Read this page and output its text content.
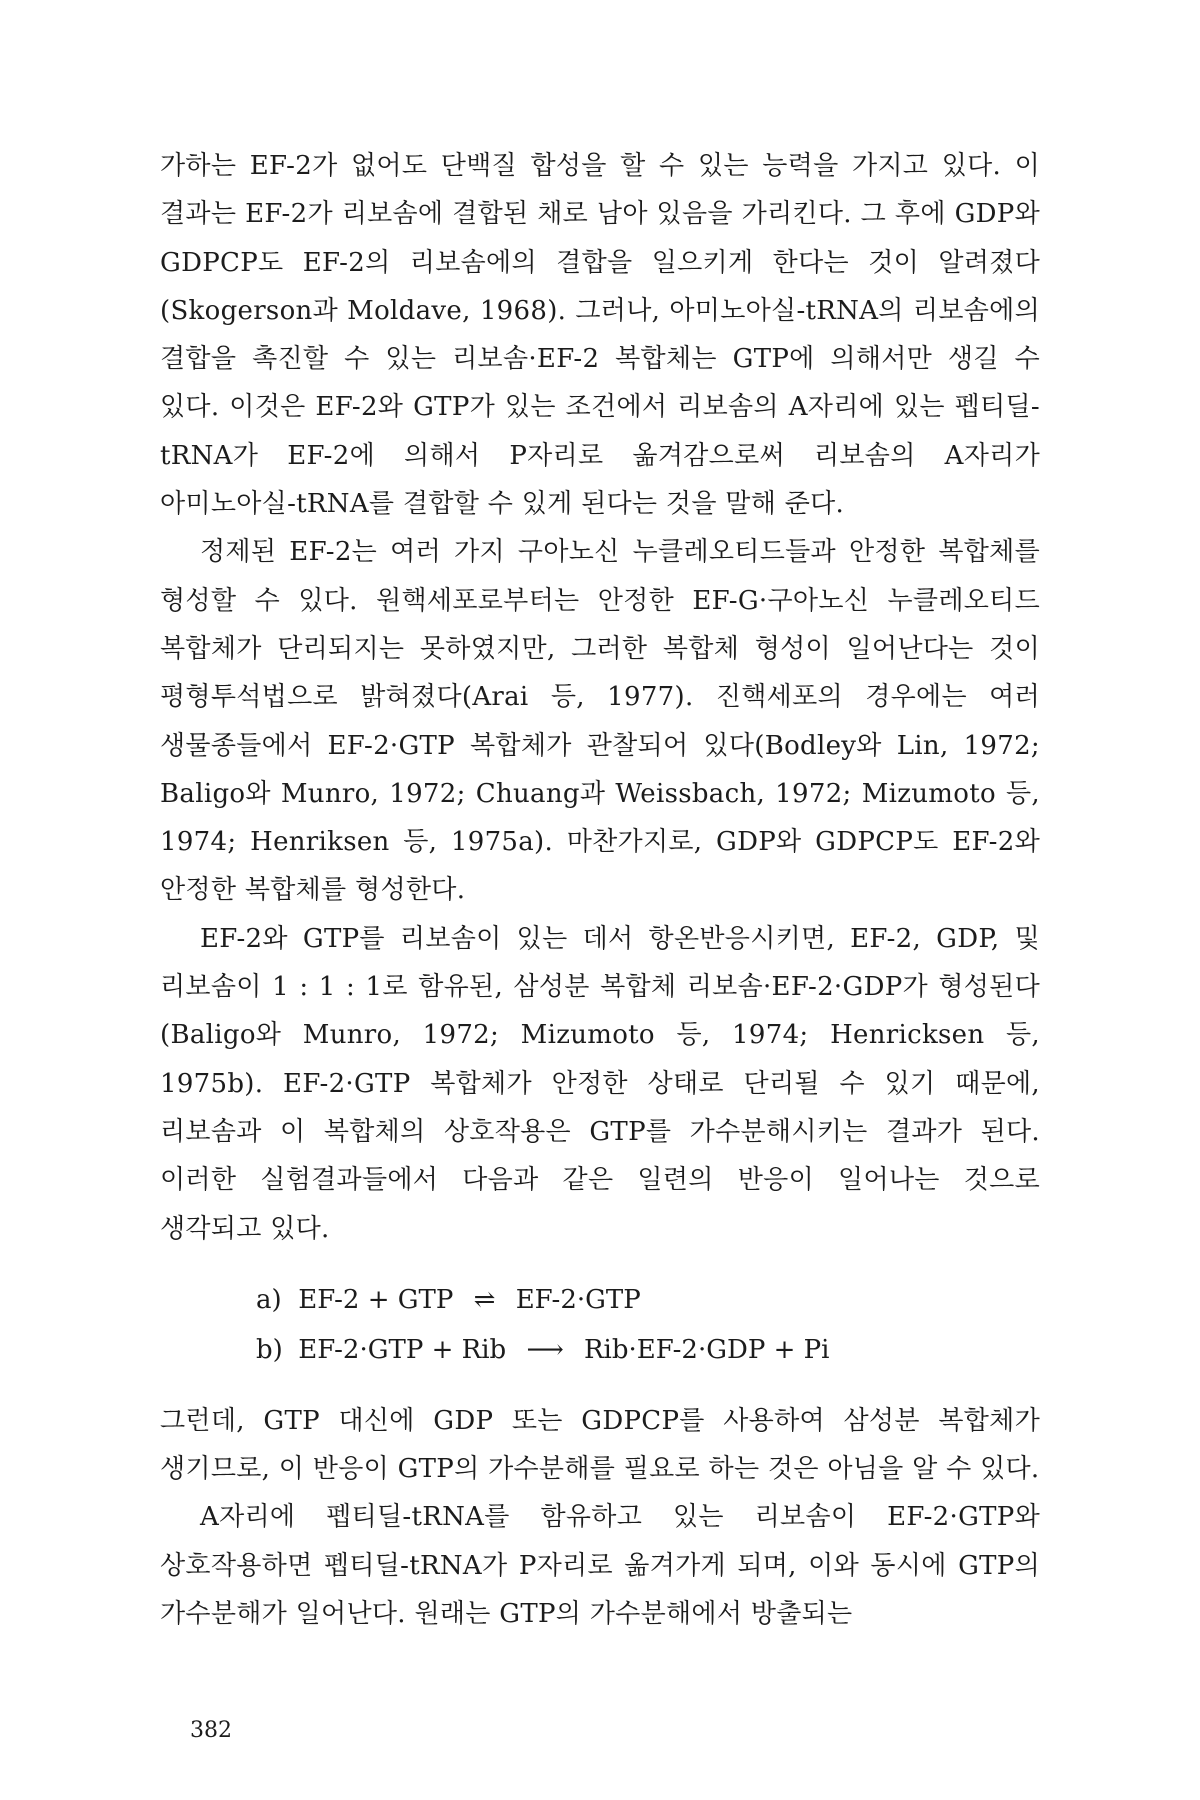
가하는 EF-2가 없어도 단백질 합성을 할 수 있는 능력을 가지고 있다. 이 결과는 EF-2가 리보솜에 결합된 채로 남아 있음을 가리킨다. 그 후에 GDP와 GDPCP도 EF-2의 리보솜에의 결합을 일으키게 한다는 것이 알려졌다(Skogerson과 Moldave, 1968). 그러나, 아미노아실-tRNA의 리보솜에의 결합을 촉진할 수 있는 리보솜·EF-2 복합체는 GTP에 의해서만 생길 수 있다. 이것은 EF-2와 GTP가 있는 조건에서 리보솜의 A자리에 있는 펩티딜-tRNA가 EF-2에 의해서 P자리로 옮겨감으로써 리보솜의 A자리가 아미노아실-tRNA를 결합할 수 있게 된다는 것을 말해 준다.

정제된 EF-2는 여러 가지 구아노신 누클레오티드들과 안정한 복합체를 형성할 수 있다. 원핵세포로부터는 안정한 EF-G·구아노신 누클레오티드 복합체가 단리되지는 못하였지만, 그러한 복합체 형성이 일어난다는 것이 평형투석법으로 밝혀졌다(Arai 등, 1977). 진핵세포의 경우에는 여러 생물종들에서 EF-2·GTP 복합체가 관찰되어 있다(Bodley와 Lin, 1972; Baligo와 Munro, 1972; Chuang과 Weissbach, 1972; Mizumoto 등, 1974; Henriksen 등, 1975a). 마찬가지로, GDP와 GDPCP도 EF-2와 안정한 복합체를 형성한다.

EF-2와 GTP를 리보솜이 있는 데서 항온반응시키면, EF-2, GDP, 및 리보솜이 1 : 1 : 1로 함유된, 삼성분 복합체 리보솜·EF-2·GDP가 형성된다(Baligo와 Munro, 1972; Mizumoto 등, 1974; Henricksen 등, 1975b). EF-2·GTP 복합체가 안정한 상태로 단리될 수 있기 때문에, 리보솜과 이 복합체의 상호작용은 GTP를 가수분해시키는 결과가 된다. 이러한 실험결과들에서 다음과 같은 일련의 반응이 일어나는 것으로 생각되고 있다.

a) EF-2 + GTP ⇌ EF-2·GTP
b) EF-2·GTP + Rib ⟶ Rib·EF-2·GDP + Pi

그런데, GTP 대신에 GDP 또는 GDPCP를 사용하여 삼성분 복합체가 생기므로, 이 반응이 GTP의 가수분해를 필요로 하는 것은 아님을 알 수 있다.

A자리에 펩티딜-tRNA를 함유하고 있는 리보솜이 EF-2·GTP와 상호작용하면 펩티딜-tRNA가 P자리로 옮겨가게 되며, 이와 동시에 GTP의 가수분해가 일어난다. 원래는 GTP의 가수분해에서 방출되는

382
